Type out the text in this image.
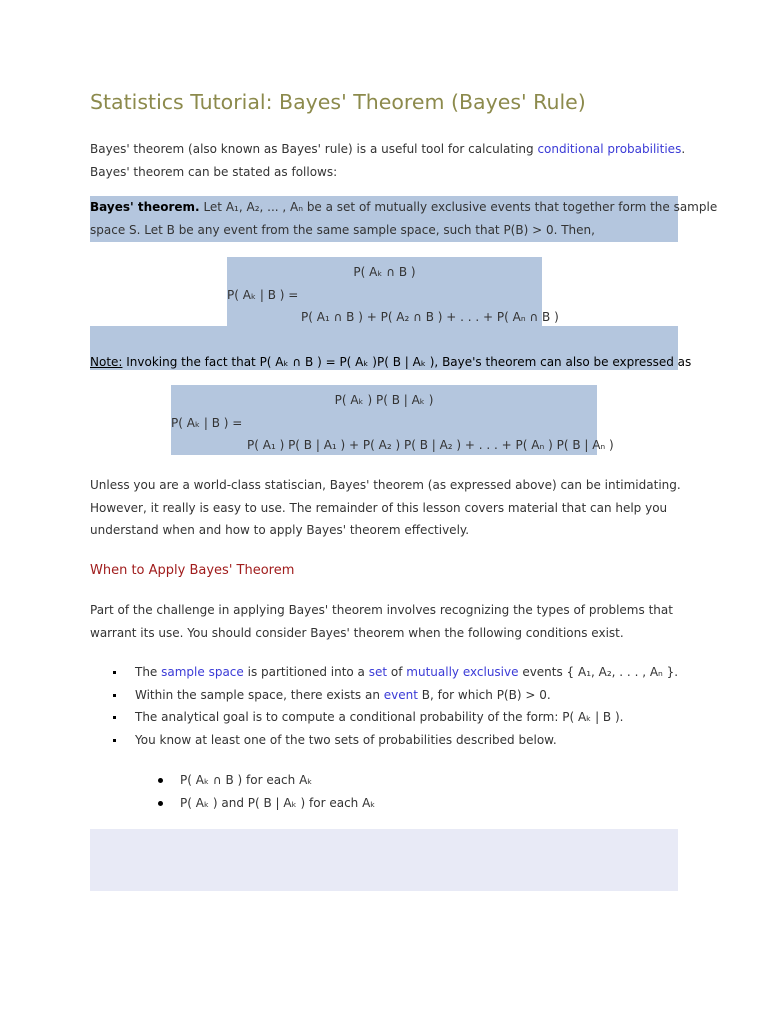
Statistics Tutorial: Bayes' Theorem (Bayes' Rule)
Bayes' theorem (also known as Bayes' rule) is a useful tool for calculating conditional probabilities.
Bayes' theorem can be stated as follows:
Bayes' theorem. Let A₁, A₂, ... , Aₙ be a set of mutually exclusive events that together form the sample
space S. Let B be any event from the same sample space, such that P(B) > 0. Then,
P( Aₖ ∩ B )
P( Aₖ | B ) =
P( A₁ ∩ B ) + P( A₂ ∩ B ) + . . . + P( Aₙ ∩ B )
Note: Invoking the fact that P( Aₖ ∩ B ) = P( Aₖ )P( B | Aₖ ), Baye's theorem can also be expressed as
P( Aₖ ) P( B | Aₖ )
P( Aₖ | B ) =
P( A₁ ) P( B | A₁ ) + P( A₂ ) P( B | A₂ ) + . . . + P( Aₙ ) P( B | Aₙ )
Unless you are a world-class statiscian, Bayes' theorem (as expressed above) can be intimidating.
However, it really is easy to use. The remainder of this lesson covers material that can help you
understand when and how to apply Bayes' theorem effectively.
When to Apply Bayes' Theorem
Part of the challenge in applying Bayes' theorem involves recognizing the types of problems that
warrant its use. You should consider Bayes' theorem when the following conditions exist.
The sample space is partitioned into a set of mutually exclusive events { A₁, A₂, . . . , Aₙ }.
Within the sample space, there exists an event B, for which P(B) > 0.
The analytical goal is to compute a conditional probability of the form: P( Aₖ | B ).
You know at least one of the two sets of probabilities described below.
P( Aₖ ∩ B ) for each Aₖ
P( Aₖ ) and P( B | Aₖ ) for each Aₖ
